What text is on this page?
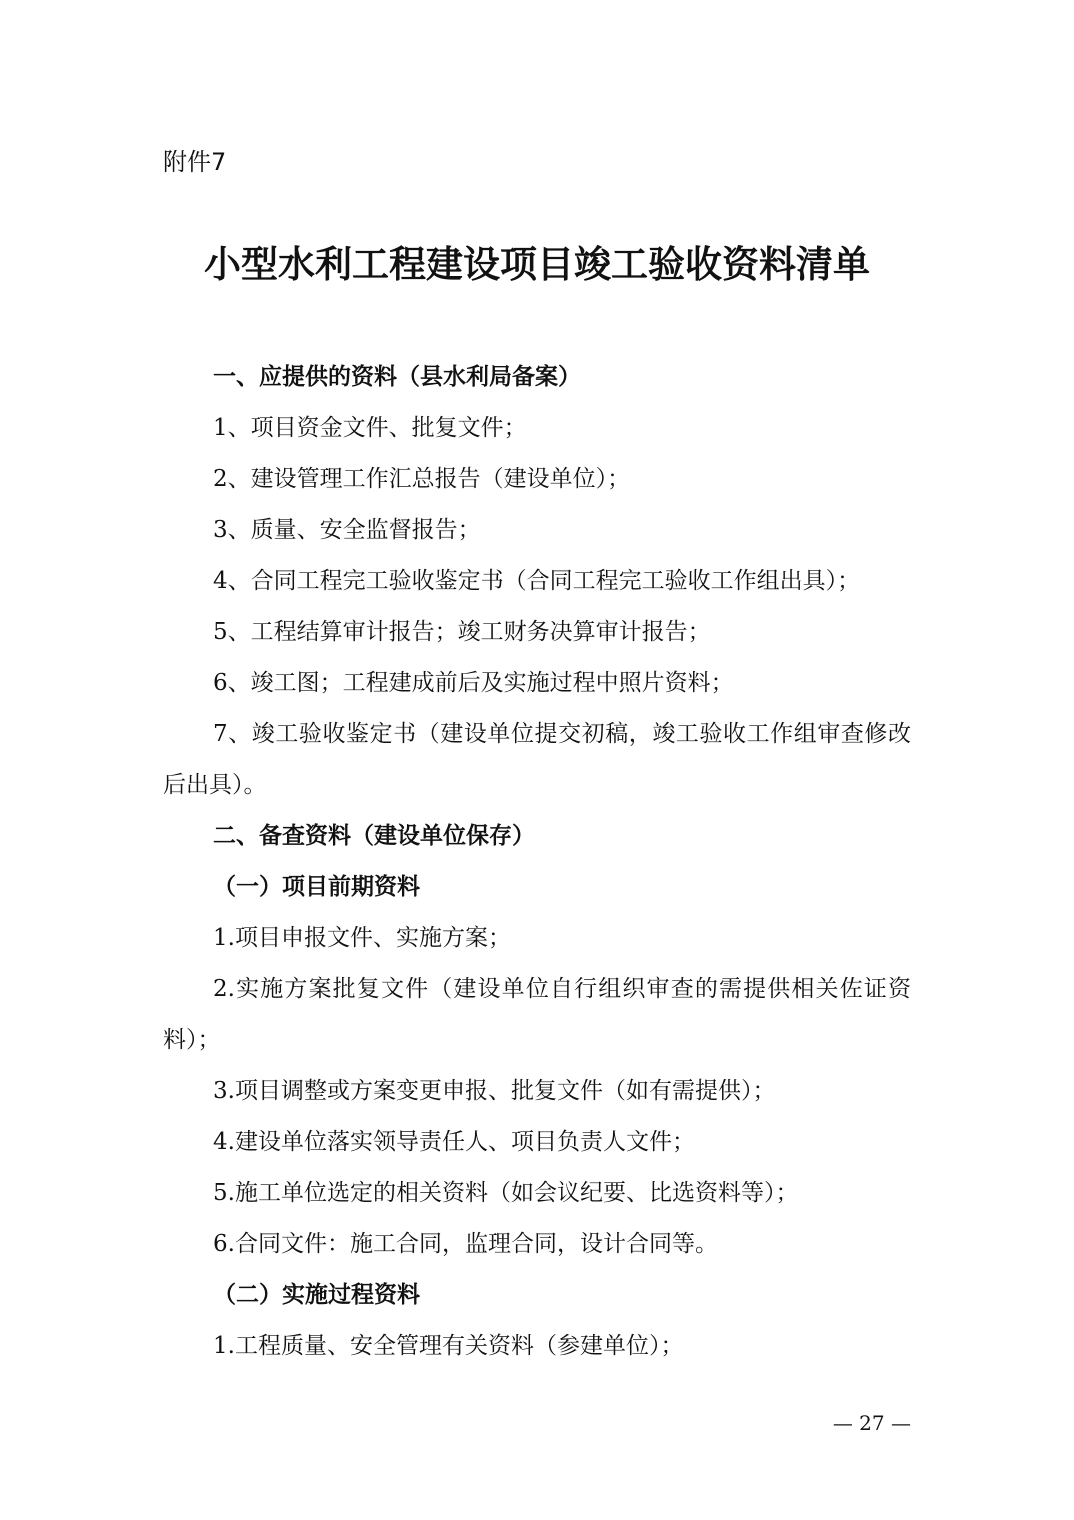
附件7
小型水利工程建设项目竣工验收资料清单
一、应提供的资料（县水利局备案）
1、项目资金文件、批复文件；
2、建设管理工作汇总报告（建设单位）；
3、质量、安全监督报告；
4、合同工程完工验收鉴定书（合同工程完工验收工作组出具）；
5、工程结算审计报告；竣工财务决算审计报告；
6、竣工图；工程建成前后及实施过程中照片资料；
7、竣工验收鉴定书（建设单位提交初稿，竣工验收工作组审查修改后出具）。
二、备查资料（建设单位保存）
（一）项目前期资料
1.项目申报文件、实施方案；
2.实施方案批复文件（建设单位自行组织审查的需提供相关佐证资料）；
3.项目调整或方案变更申报、批复文件（如有需提供）；
4.建设单位落实领导责任人、项目负责人文件；
5.施工单位选定的相关资料（如会议纪要、比选资料等）；
6.合同文件：施工合同，监理合同，设计合同等。
（二）实施过程资料
1.工程质量、安全管理有关资料（参建单位）；
— 27 —
